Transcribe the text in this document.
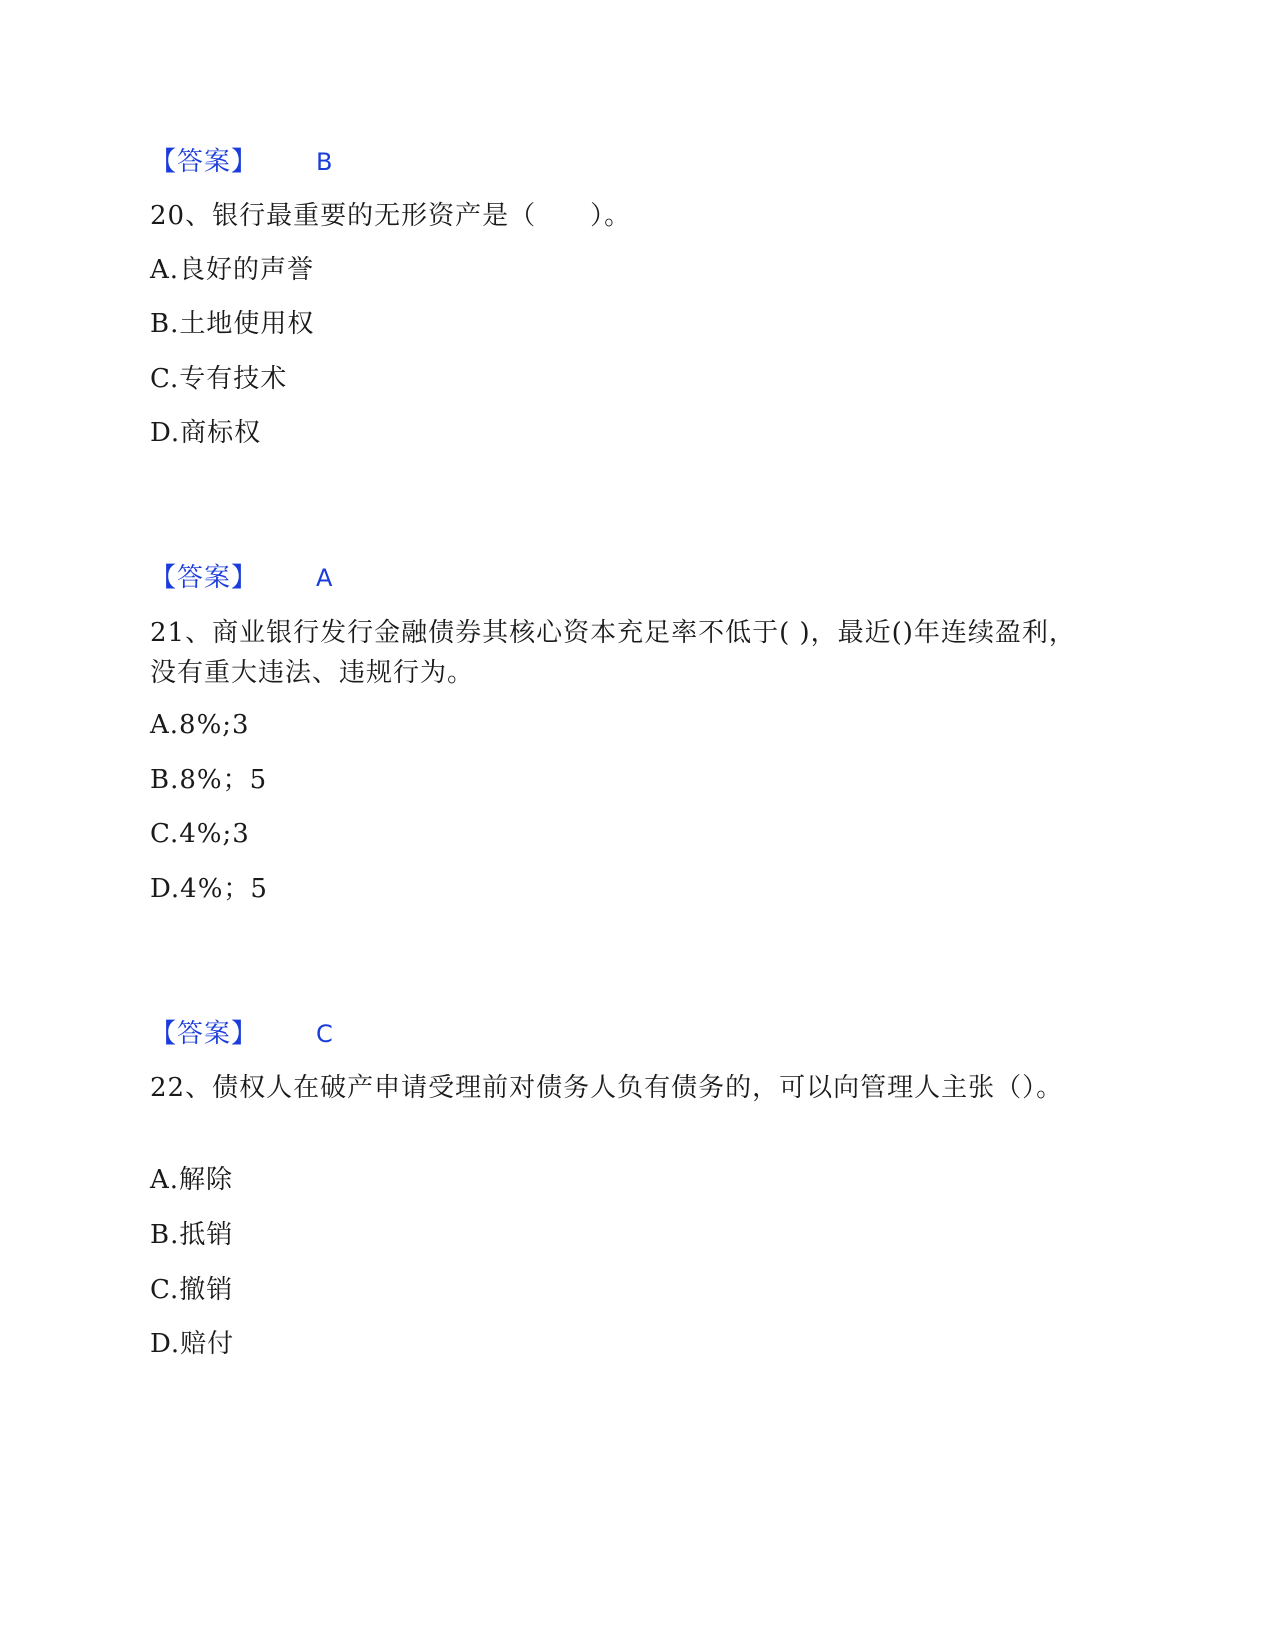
【答案】 B
20、银行最重要的无形资产是（　　）。
A.良好的声誉
B.土地使用权
C.专有技术
D.商标权
【答案】 A
21、商业银行发行金融债券其核心资本充足率不低于( )，最近()年连续盈利，没有重大违法、违规行为。
A.8%;3
B.8%；5
C.4%;3
D.4%；5
【答案】 C
22、债权人在破产申请受理前对债务人负有债务的，可以向管理人主张（）。
A.解除
B.抵销
C.撤销
D.赔付
